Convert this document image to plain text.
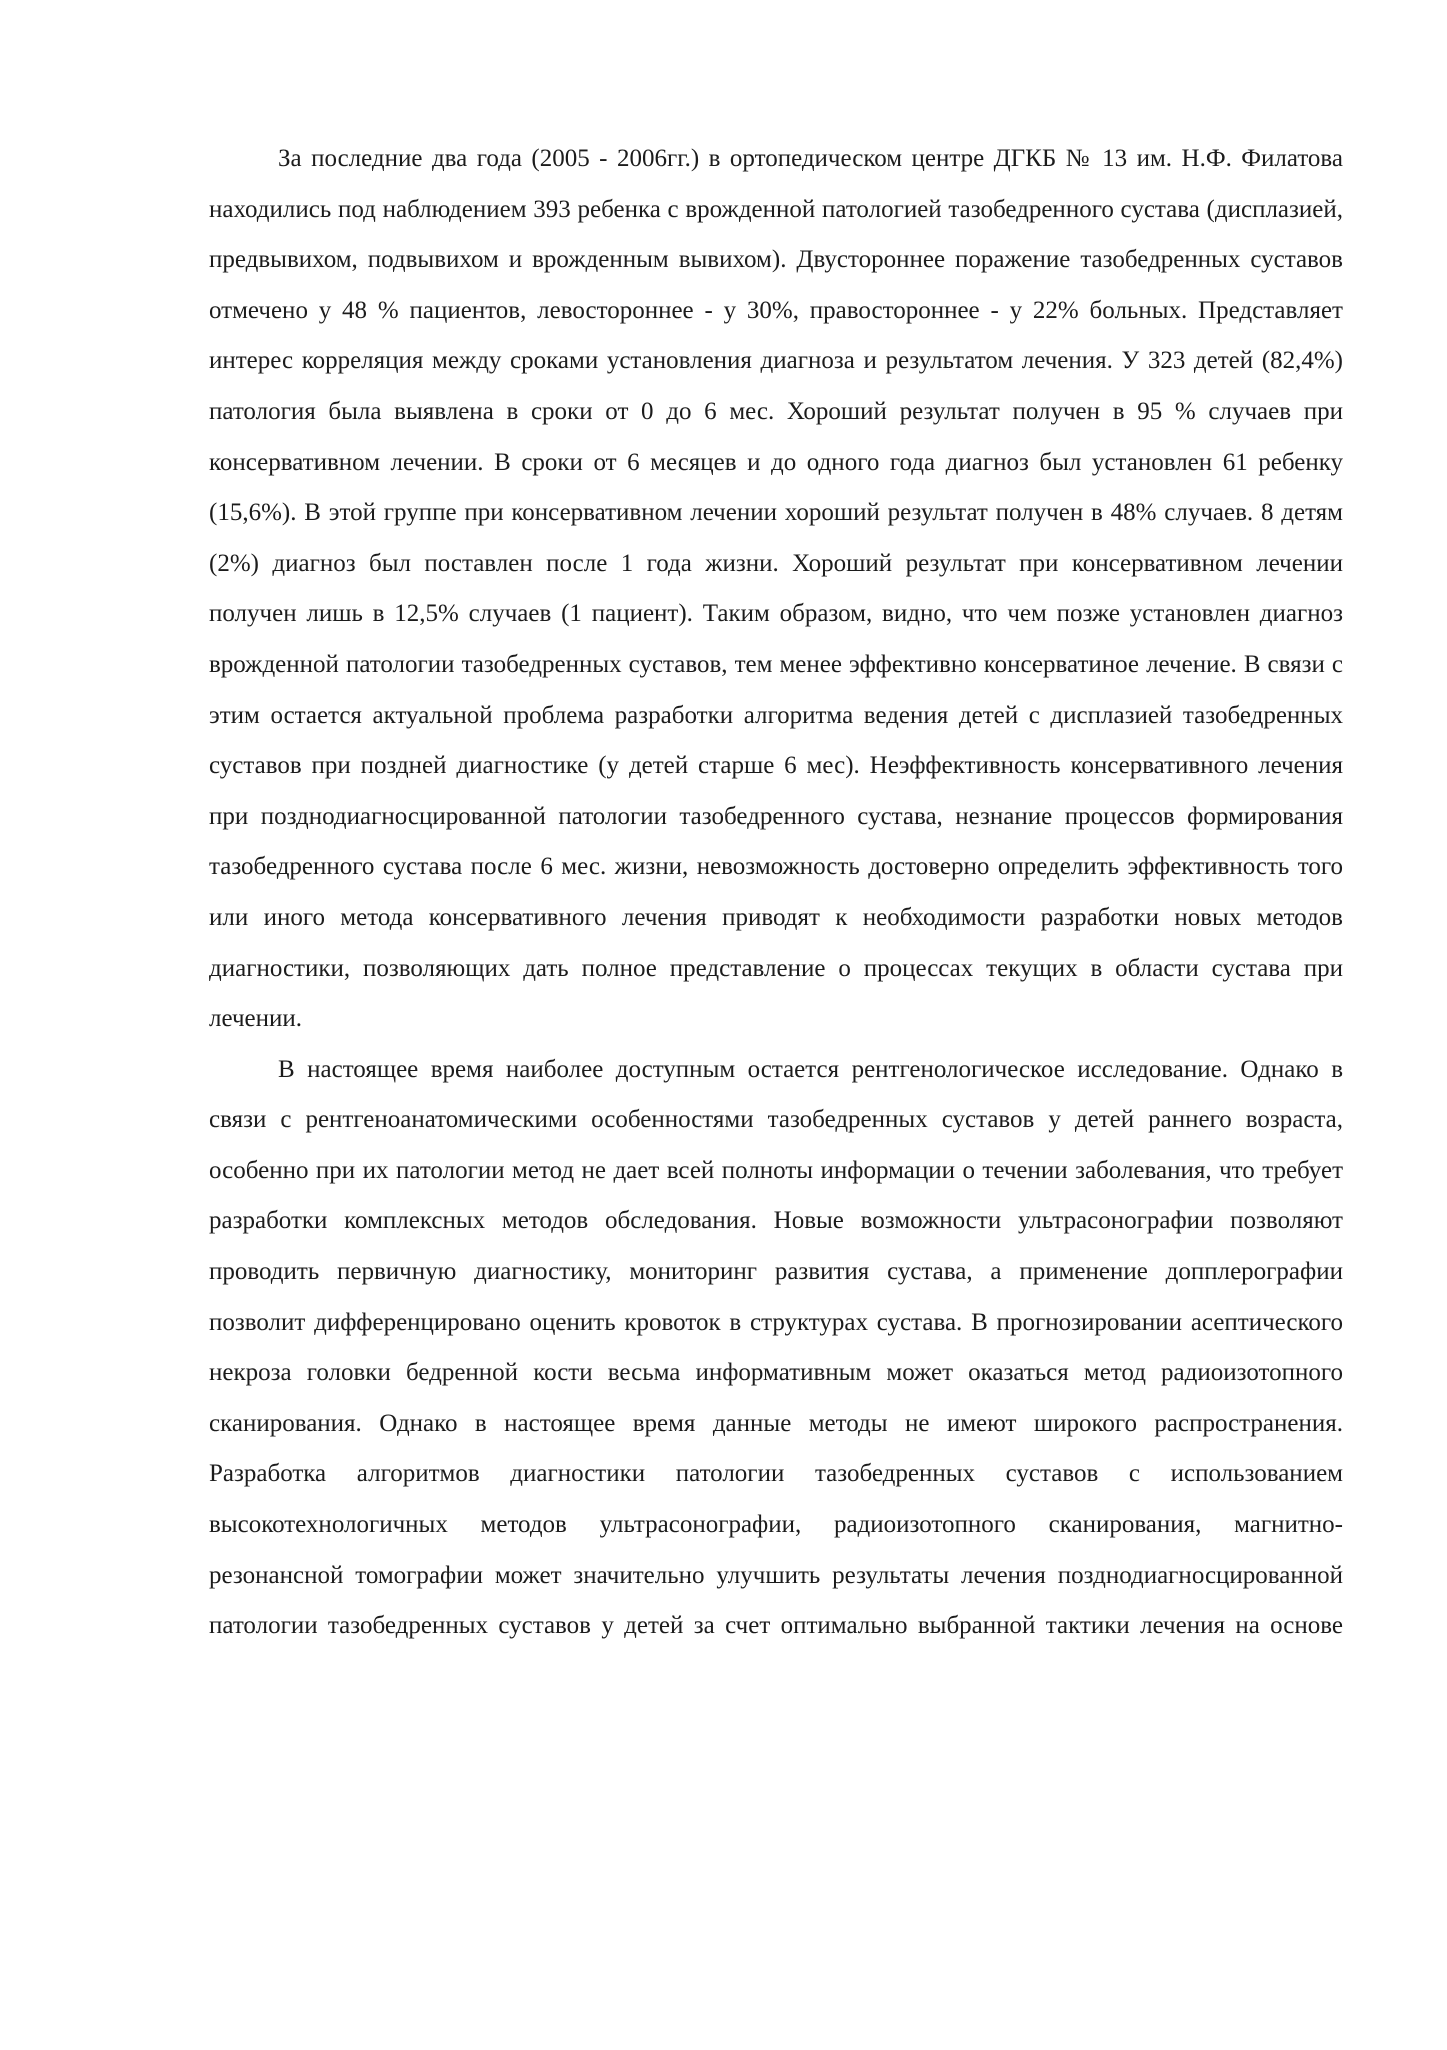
За последние два года (2005 - 2006гг.) в ортопедическом центре ДГКБ № 13 им. Н.Ф. Филатова находились под наблюдением 393 ребенка с врожденной патологией тазобедренного сустава (дисплазией, предвывихом, подвывихом и врожденным вывихом). Двустороннее поражение тазобедренных суставов отмечено у 48 % пациентов, левостороннее - у 30%, правостороннее - у 22% больных. Представляет интерес корреляция между сроками установления диагноза и результатом лечения. У 323 детей (82,4%) патология была выявлена в сроки от 0 до 6 мес. Хороший результат получен в 95 % случаев при консервативном лечении. В сроки от 6 месяцев и до одного года диагноз был установлен 61 ребенку (15,6%). В этой группе при консервативном лечении хороший результат получен в 48% случаев. 8 детям (2%) диагноз был поставлен после 1 года жизни. Хороший результат при консервативном лечении получен лишь в 12,5% случаев (1 пациент). Таким образом, видно, что чем позже установлен диагноз врожденной патологии тазобедренных суставов, тем менее эффективно консерватиное лечение. В связи с этим остается актуальной проблема разработки алгоритма ведения детей с дисплазией тазобедренных суставов при поздней диагностике (у детей старше 6 мес). Неэффективность консервативного лечения при позднодиагносцированной патологии тазобедренного сустава, незнание процессов формирования тазобедренного сустава после 6 мес. жизни, невозможность достоверно определить эффективность того или иного метода консервативного лечения приводят к необходимости разработки новых методов диагностики, позволяющих дать полное представление о процессах текущих в области сустава при лечении.

В настоящее время наиболее доступным остается рентгенологическое исследование. Однако в связи с рентгеноанатомическими особенностями тазобедренных суставов у детей раннего возраста, особенно при их патологии метод не дает всей полноты информации о течении заболевания, что требует разработки комплексных методов обследования. Новые возможности ультрасонографии позволяют проводить первичную диагностику, мониторинг развития сустава, а применение допплерографии позволит дифференцировано оценить кровоток в структурах сустава. В прогнозировании асептического некроза головки бедренной кости весьма информативным может оказаться метод радиоизотопного сканирования. Однако в настоящее время данные методы не имеют широкого распространения. Разработка алгоритмов диагностики патологии тазобедренных суставов с использованием высокотехнологичных методов ультрасонографии, радиоизотопного сканирования, магнитно-резонансной томографии может значительно улучшить результаты лечения позднодиагносцированной патологии тазобедренных суставов у детей за счет оптимально выбранной тактики лечения на основе
